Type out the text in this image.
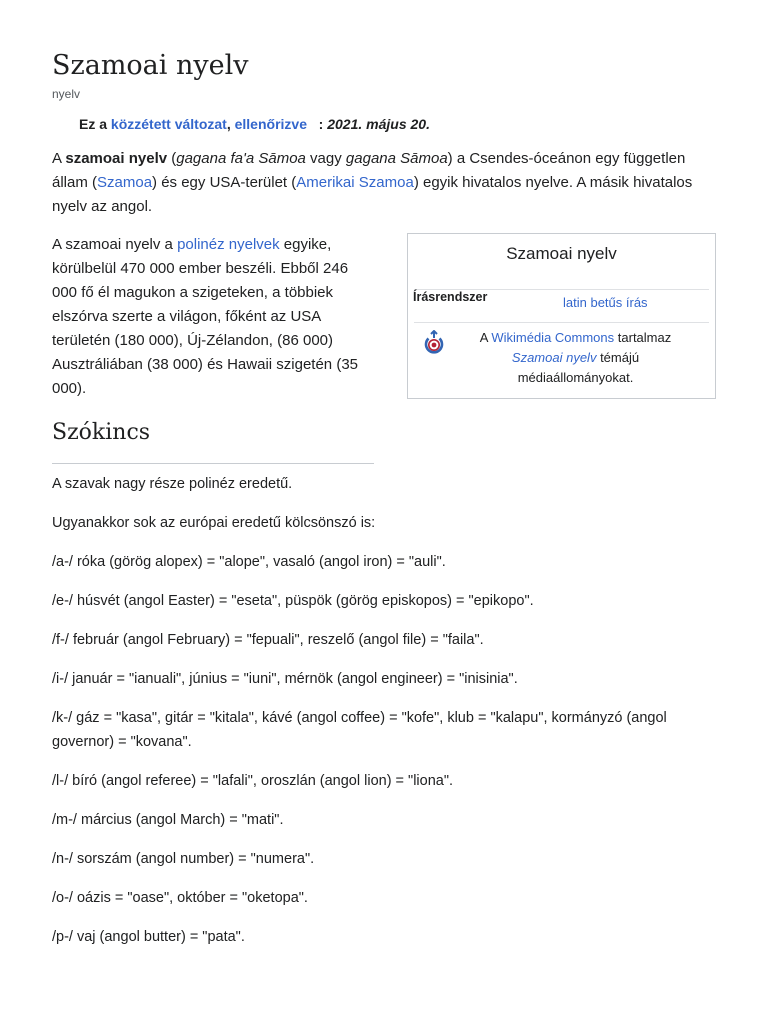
Szamoai nyelv
nyelv
Ez a közzétett változat, ellenőrizve : 2021. május 20.

A szamoai nyelv (gagana fa'a Sāmoa vagy gagana Sāmoa) a Csendes-óceánon egy független állam (Szamoa) és egy USA-terület (Amerikai Szamoa) egyik hivatalos nyelve. A másik hivatalos nyelv az angol.

A szamoai nyelv a polinéz nyelvek egyike, körülbelül 470 000 ember beszéli. Ebből 246 000 fő él magukon a szigeteken, a többiek elszórva szerte a világon, főként az USA területén (180 000), Új-Zélandon, (86 000) Ausztráliában (38 000) és Hawaii szigetén (35 000).

Szamoai nyelv
Írásrendszer	latin betűs írás
A Wikimédia Commons tartalmaz
Szamoai nyelv témájú médiaállományokat.
Szókincs

A szavak nagy része polinéz eredetű.

Ugyanakkor sok az európai eredetű kölcsönszó is:

/a-/ róka (görög alopex) = "alope", vasaló (angol iron) = "auli".

/e-/ húsvét (angol Easter) = "eseta", püspök (görög episkopos) = "epikopo".

/f-/ február (angol February) = "fepuali", reszelő (angol file) = "faila".

/i-/ január = "ianuali", június = "iuni", mérnök (angol engineer) = "inisinia".

/k-/ gáz = "kasa", gitár = "kitala", kávé (angol coffee) = "kofe", klub = "kalapu", kormányzó (angol governor) = "kovana".

/l-/ bíró (angol referee) = "lafali", oroszlán (angol lion) = "liona".

/m-/ március (angol March) = "mati".

/n-/ sorszám (angol number) = "numera".

/o-/ oázis = "oase", október = "oketopa".

/p-/ vaj (angol butter) = "pata".
